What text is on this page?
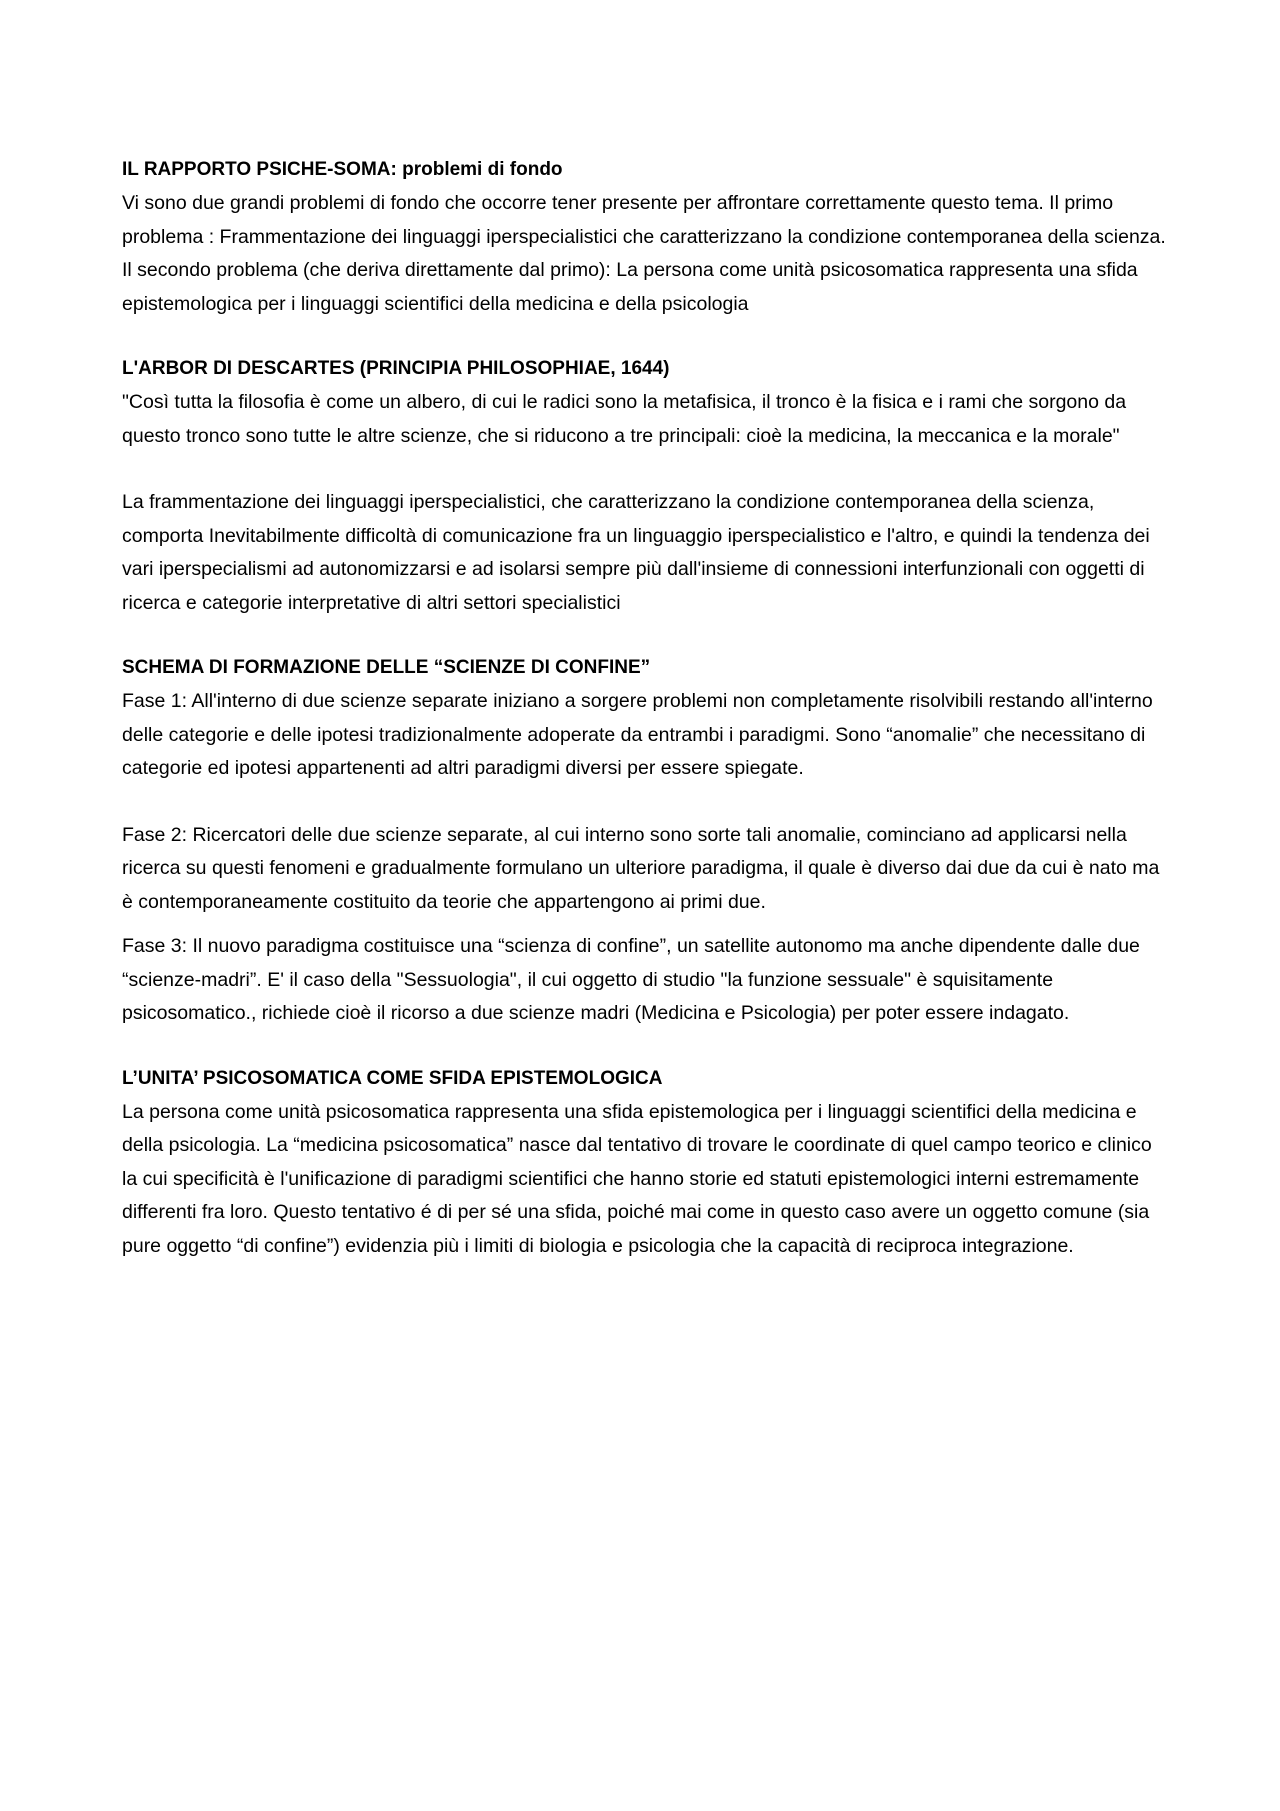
IL RAPPORTO PSICHE-SOMA: problemi di fondo
Vi sono due grandi problemi di fondo che occorre tener presente per affrontare correttamente questo tema. Il primo problema : Frammentazione dei linguaggi iperspecialistici che caratterizzano la condizione contemporanea della scienza. Il secondo problema (che deriva direttamente dal primo): La persona come unità psicosomatica rappresenta una sfida epistemologica per i linguaggi scientifici della medicina e della psicologia
L'ARBOR DI DESCARTES (PRINCIPIA PHILOSOPHIAE, 1644)
"Così tutta la filosofia è come un albero, di cui le radici sono la metafisica, il tronco è la fisica e i rami che sorgono da questo tronco sono tutte le altre scienze, che si riducono a tre principali: cioè la medicina, la meccanica e la morale"
La frammentazione dei linguaggi iperspecialistici, che caratterizzano la condizione contemporanea della scienza, comporta Inevitabilmente difficoltà di comunicazione fra un linguaggio iperspecialistico e l'altro, e quindi la tendenza dei vari iperspecialismi ad autonomizzarsi e ad isolarsi sempre più dall'insieme di connessioni interfunzionali con oggetti di ricerca e categorie interpretative di altri settori specialistici
SCHEMA DI FORMAZIONE DELLE “SCIENZE DI CONFINE”
Fase 1: All'interno di due scienze separate iniziano a sorgere problemi non completamente risolvibili restando all'interno delle categorie e delle ipotesi tradizionalmente adoperate da entrambi i paradigmi. Sono “anomalie” che necessitano di categorie ed ipotesi appartenenti ad altri paradigmi diversi per essere spiegate.
Fase 2: Ricercatori delle due scienze separate, al cui interno sono sorte tali anomalie, cominciano ad applicarsi nella ricerca su questi fenomeni e gradualmente formulano un ulteriore paradigma, il quale è diverso dai due da cui è nato ma è contemporaneamente costituito da teorie che appartengono ai primi due.
Fase 3: Il nuovo paradigma costituisce una “scienza di confine”, un satellite autonomo ma anche dipendente dalle due “scienze-madri”. E' il caso della "Sessuologia", il cui oggetto di studio "la funzione sessuale" è squisitamente psicosomatico., richiede cioè il ricorso a due scienze madri (Medicina e Psicologia) per poter essere indagato.
L’UNITA’ PSICOSOMATICA COME SFIDA EPISTEMOLOGICA
La persona come unità psicosomatica rappresenta una sfida epistemologica per i linguaggi scientifici della medicina e della psicologia. La “medicina psicosomatica” nasce dal tentativo di trovare le coordinate di quel campo teorico e clinico la cui specificità è l'unificazione di paradigmi scientifici che hanno storie ed statuti epistemologici interni estremamente differenti fra loro. Questo tentativo é di per sé una sfida, poiché mai come in questo caso avere un oggetto comune (sia pure oggetto “di confine”) evidenzia più i limiti di biologia e psicologia che la capacità di reciproca integrazione.
